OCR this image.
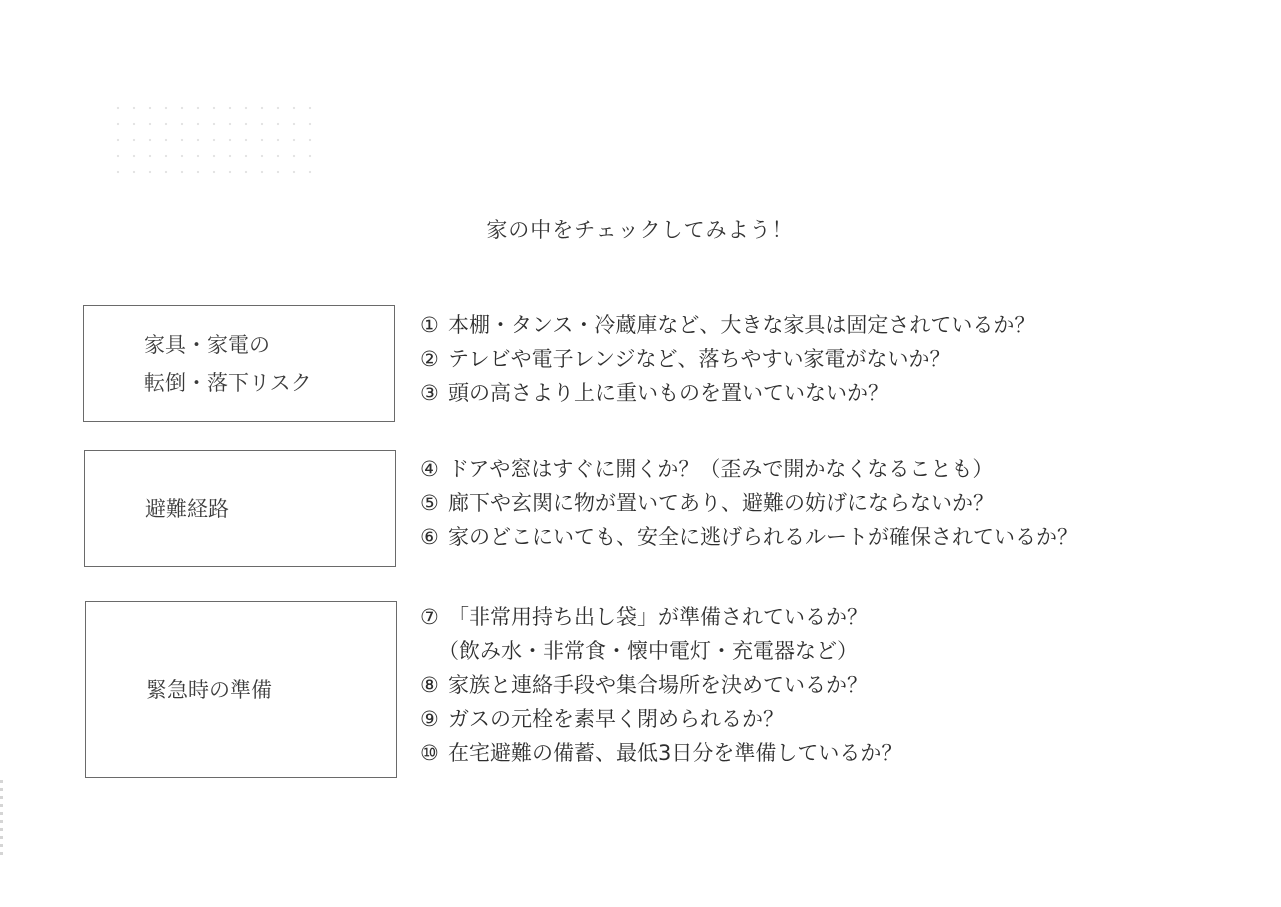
家の中をチェックしてみよう！
家具・家電の
転倒・落下リスク
① 本棚・タンス・冷蔵庫など、大きな家具は固定されているか？
② テレビや電子レンジなど、落ちやすい家電がないか？
③ 頭の高さより上に重いものを置いていないか？
避難経路
④ ドアや窓はすぐに開くか？（歪みで開かなくなることも）
⑤ 廊下や玄関に物が置いてあり、避難の妨げにならないか？
⑥ 家のどこにいても、安全に逃げられるルートが確保されているか？
緊急時の準備
⑦ 「非常用持ち出し袋」が準備されているか？
（飲み水・非常食・懐中電灯・充電器など）
⑧ 家族と連絡手段や集合場所を決めているか？
⑨ ガスの元栓を素早く閉められるか？
⑩ 在宅避難の備蓄、最低3日分を準備しているか？
